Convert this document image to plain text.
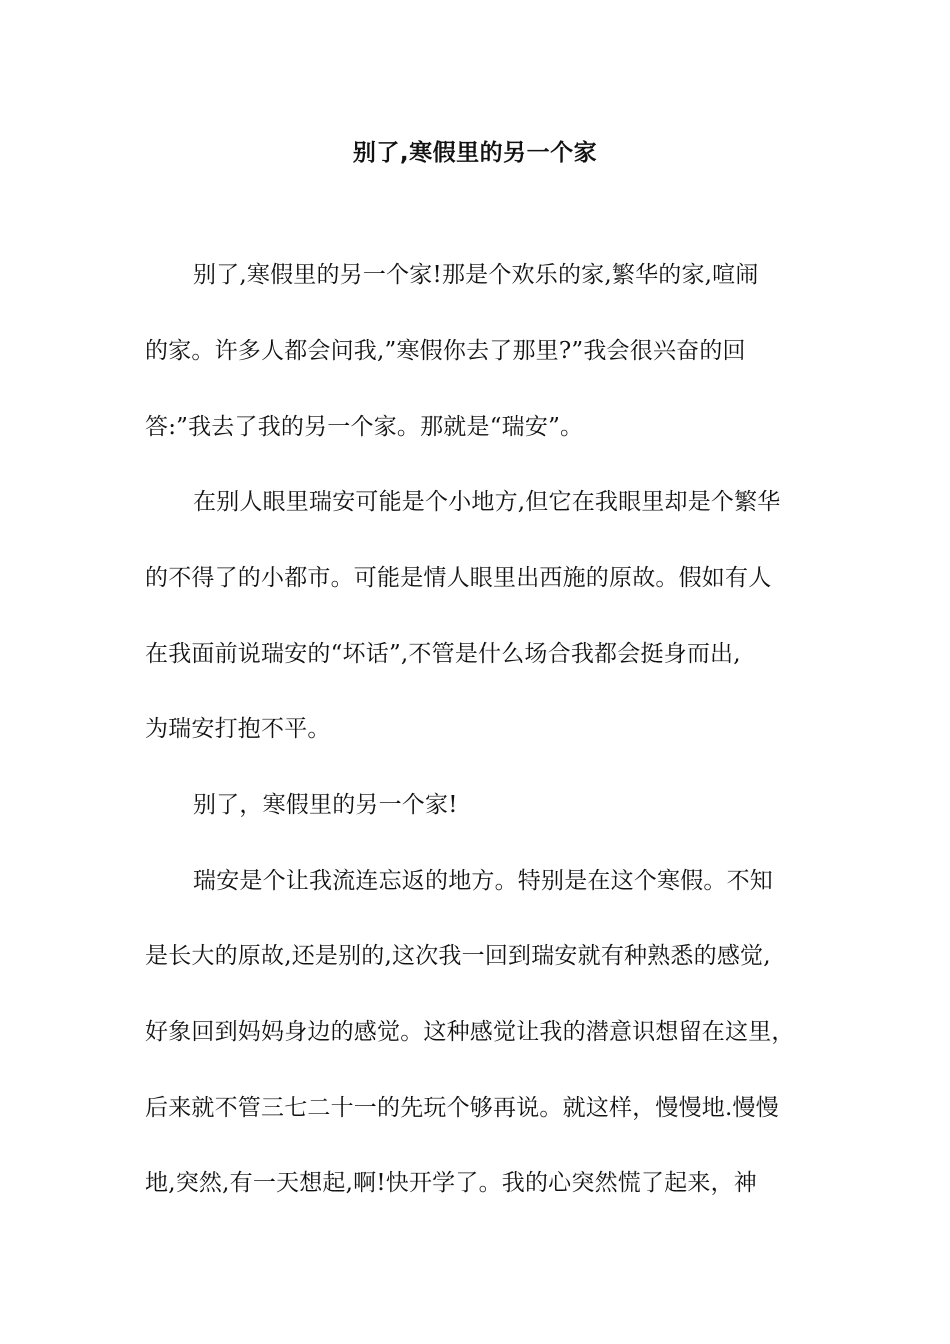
别了,寒假里的另一个家
别了,寒假里的另一个家!那是个欢乐的家,繁华的家,喧闹
的家。许多人都会问我,”寒假你去了那里?”我会很兴奋的回
答:”我去了我的另一个家。那就是“瑞安”。
在别人眼里瑞安可能是个小地方,但它在我眼里却是个繁华
的不得了的小都市。可能是情人眼里出西施的原故。假如有人
在我面前说瑞安的“坏话”,不管是什么场合我都会挺身而出,
为瑞安打抱不平。
别了，寒假里的另一个家!
瑞安是个让我流连忘返的地方。特别是在这个寒假。不知
是长大的原故,还是别的,这次我一回到瑞安就有种熟悉的感觉,
好象回到妈妈身边的感觉。这种感觉让我的潜意识想留在这里，
后来就不管三七二十一的先玩个够再说。就这样，慢慢地.慢慢
地,突然,有一天想起,啊!快开学了。我的心突然慌了起来，神
